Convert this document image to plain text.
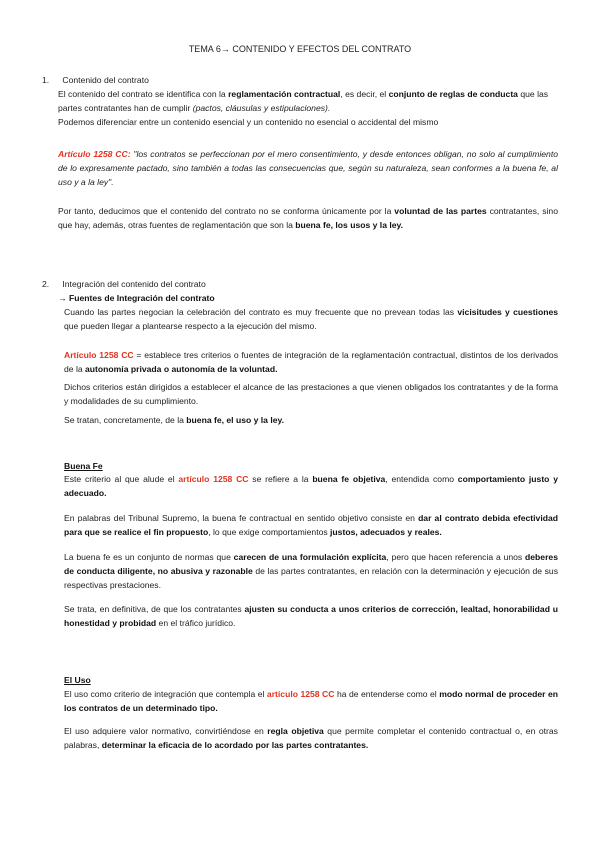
TEMA 6→ CONTENIDO Y EFECTOS DEL CONTRATO
1. Contenido del contrato

El contenido del contrato se identifica con la reglamentación contractual, es decir, el conjunto de reglas de conducta que las partes contratantes han de cumplir (pactos, cláusulas y estipulaciones).

Podemos diferenciar entre un contenido esencial y un contenido no esencial o accidental del mismo

Artículo 1258 CC: "los contratos se perfeccionan por el mero consentimiento, y desde entonces obligan, no solo al cumplimiento de lo expresamente pactado, sino también a todas las consecuencias que, según su naturaleza, sean conformes a la buena fe, al uso y a la ley".

Por tanto, deducimos que el contenido del contrato no se conforma únicamente por la voluntad de las partes contratantes, sino que hay, además, otras fuentes de reglamentación que son la buena fe, los usos y la ley.

2. Integración del contenido del contrato
→ Fuentes de Integración del contrato

Cuando las partes negocian la celebración del contrato es muy frecuente que no prevean todas las vicisitudes y cuestiones que pueden llegar a plantearse respecto a la ejecución del mismo.

Artículo 1258 CC = establece tres criterios o fuentes de integración de la reglamentación contractual, distintos de los derivados de la autonomía privada o autonomía de la voluntad.

Dichos criterios están dirigidos a establecer el alcance de las prestaciones a que vienen obligados los contratantes y de la forma y modalidades de su cumplimiento.

Se tratan, concretamente, de la buena fe, el uso y la ley.

Buena Fe

Este criterio al que alude el artículo 1258 CC se refiere a la buena fe objetiva, entendida como comportamiento justo y adecuado.

En palabras del Tribunal Supremo, la buena fe contractual en sentido objetivo consiste en dar al contrato debida efectividad para que se realice el fin propuesto, lo que exige comportamientos justos, adecuados y reales.

La buena fe es un conjunto de normas que carecen de una formulación explícita, pero que hacen referencia a unos deberes de conducta diligente, no abusiva y razonable de las partes contratantes, en relación con la determinación y ejecución de sus respectivas prestaciones.

Se trata, en definitiva, de que los contratantes ajusten su conducta a unos criterios de corrección, lealtad, honorabilidad u honestidad y probidad en el tráfico jurídico.

El Uso

El uso como criterio de integración que contempla el artículo 1258 CC ha de entenderse como el modo normal de proceder en los contratos de un determinado tipo.

El uso adquiere valor normativo, convirtiéndose en regla objetiva que permite completar el contenido contractual o, en otras palabras, determinar la eficacia de lo acordado por las partes contratantes.
